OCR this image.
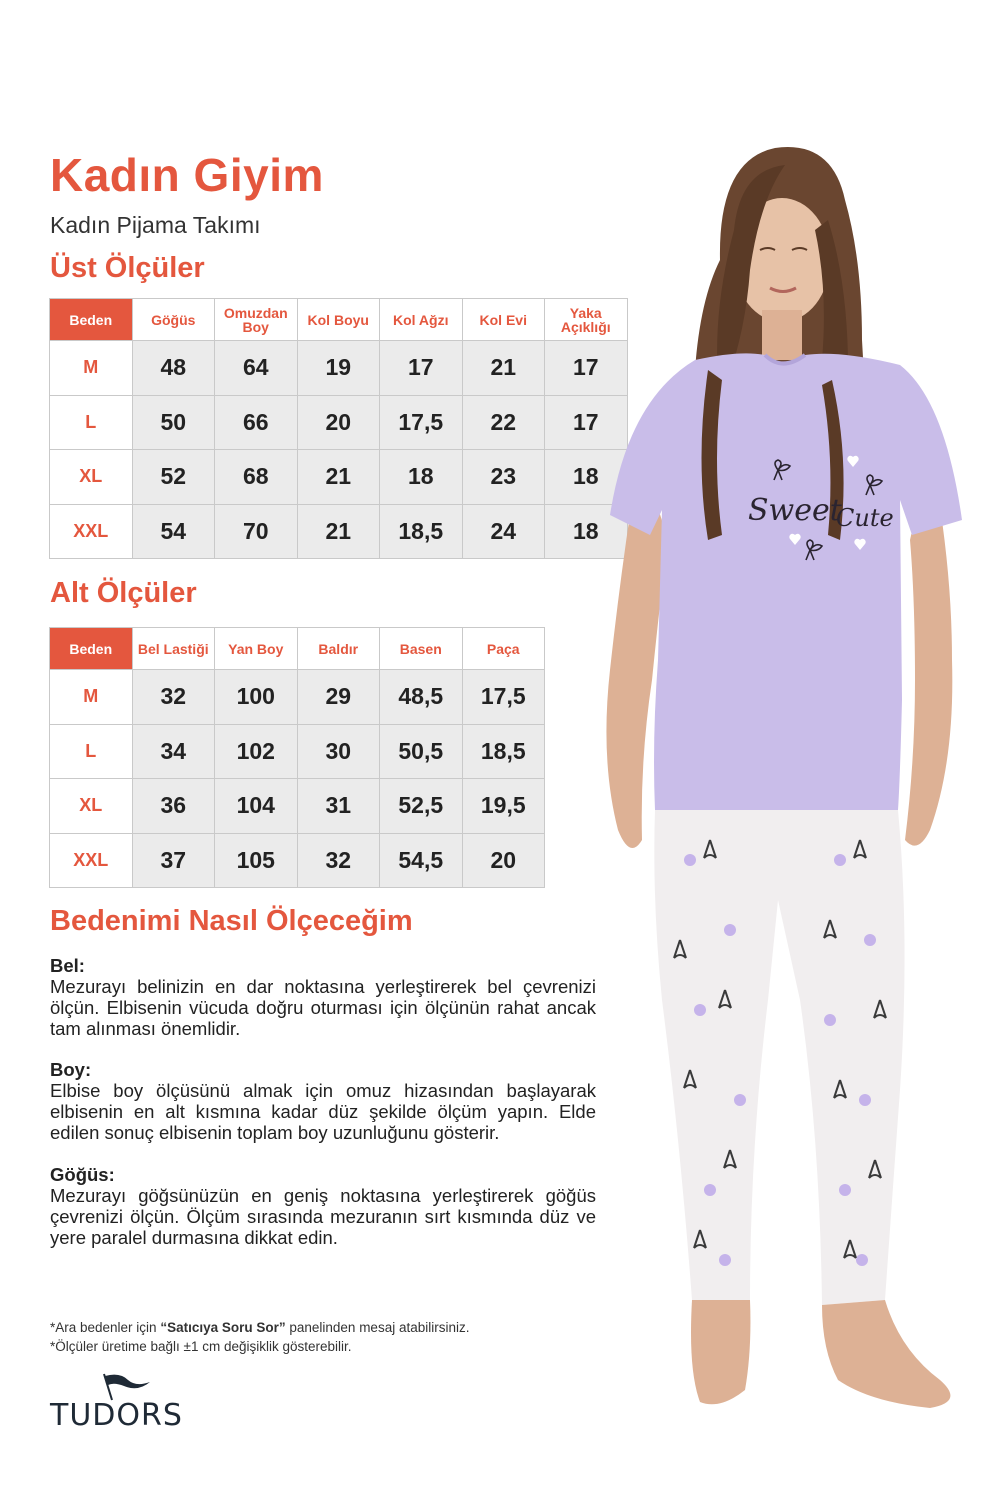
Kadın Giyim
Kadın Pijama Takımı
Üst Ölçüler
Beden	Göğüs	Omuzdan Boy	Kol Boyu	Kol Ağzı	Kol Evi	Yaka Açıklığı
M	48	64	19	17	21	17
L	50	66	20	17,5	22	17
XL	52	68	21	18	23	18
XXL	54	70	21	18,5	24	18
Alt Ölçüler
Beden	Bel Lastiği	Yan Boy	Baldır	Basen	Paça
M	32	100	29	48,5	17,5
L	34	102	30	50,5	18,5
XL	36	104	31	52,5	19,5
XXL	37	105	32	54,5	20
Bedenimi Nasıl Ölçeceğim
Bel:
Mezurayı belinizin en dar noktasına yerleştirerek bel çevrenizi ölçün. Elbisenin vücuda doğru oturması için ölçünün rahat ancak tam alınması önemlidir.
Boy:
Elbise boy ölçüsünü almak için omuz hizasından başlayarak elbisenin en alt kısmına kadar düz şekilde ölçüm yapın. Elde edilen sonuç elbisenin toplam boy uzunluğunu gösterir.
Göğüs:
Mezurayı göğsünüzün en geniş noktasına yerleştirerek göğüs çevrenizi ölçün. Ölçüm sırasında mezuranın sırt kısmında düz ve yere paralel durmasına dikkat edin.
*Ara bedenler için “Satıcıya Soru Sor” panelinden mesaj atabilirsiniz.
*Ölçüler üretime bağlı ±1 cm değişiklik gösterebilir.
TUDORS
Sweet
Cute
